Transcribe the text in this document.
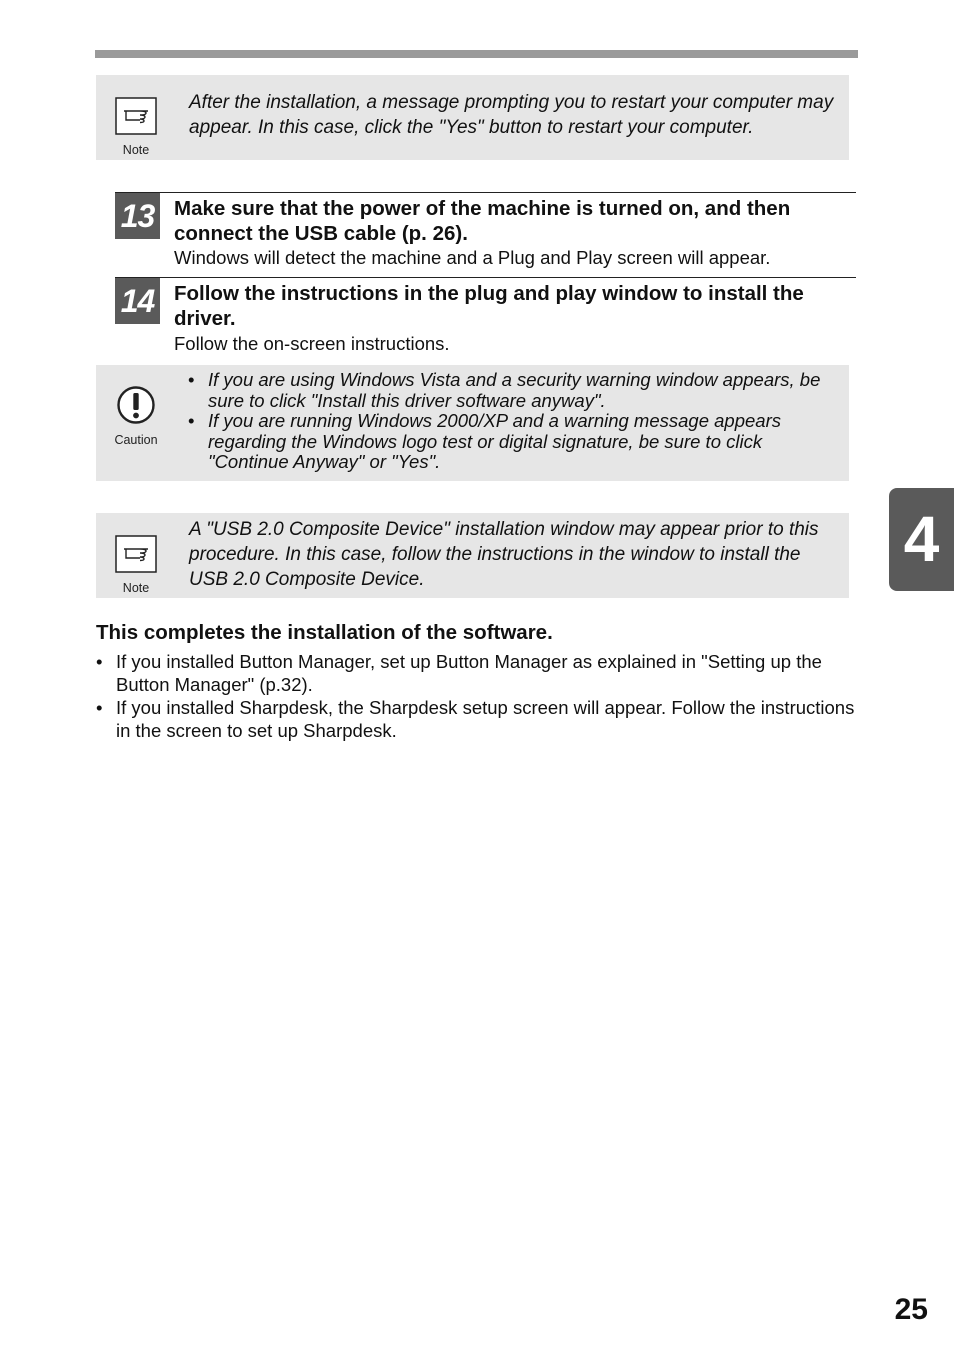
Note
After the installation, a message prompting you to restart your computer may appear. In this case, click the "Yes" button to restart your computer.
13 Make sure that the power of the machine is turned on, and then connect the USB cable (p. 26).
Windows will detect the machine and a Plug and Play screen will appear.
14 Follow the instructions in the plug and play window to install the driver.
Follow the on-screen instructions.
Caution
• If you are using Windows Vista and a security warning window appears, be sure to click "Install this driver software anyway".
• If you are running Windows 2000/XP and a warning message appears regarding the Windows logo test or digital signature, be sure to click "Continue Anyway" or "Yes".
Note
A "USB 2.0 Composite Device" installation window may appear prior to this procedure. In this case, follow the instructions in the window to install the USB 2.0 Composite Device.
This completes the installation of the software.
• If you installed Button Manager, set up Button Manager as explained in "Setting up the Button Manager" (p.32).
• If you installed Sharpdesk, the Sharpdesk setup screen will appear. Follow the instructions in the screen to set up Sharpdesk.
4
25
